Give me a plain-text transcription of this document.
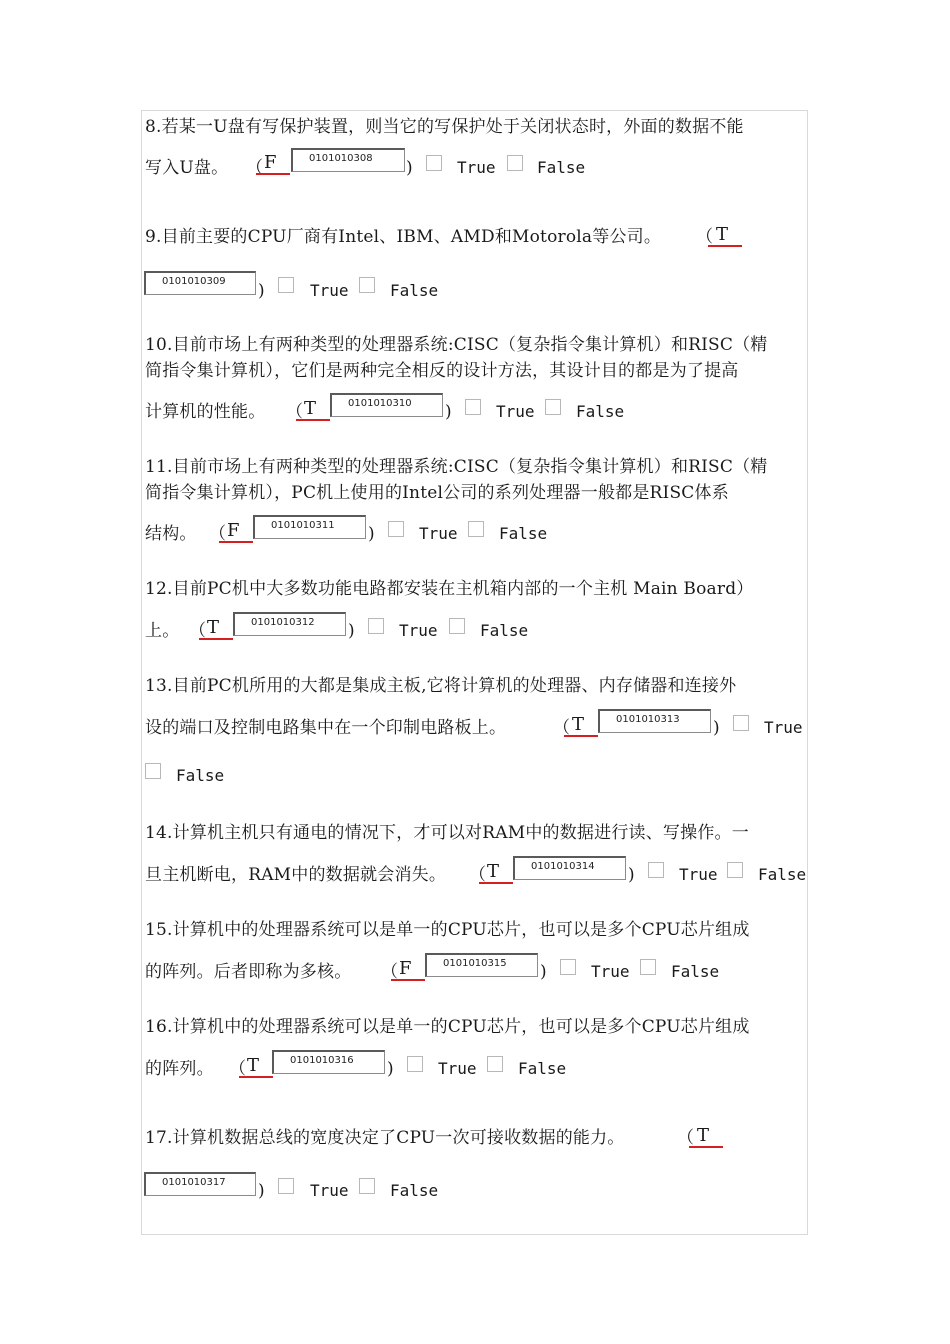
8.若某一U盘有写保护装置，则当它的写保护处于关闭状态时，外面的数据不能
写入U盘。 （ F	0101010308	)	True	False
9.目前主要的CPU厂商有Intel、IBM、AMD和Motorola等公司。 （ T
0101010309	)	True	False
10.目前市场上有两种类型的处理器系统:CISC（复杂指令集计算机）和RISC（精
简指令集计算机），它们是两种完全相反的设计方法，其设计目的都是为了提高
计算机的性能。 （ T	0101010310	)	True	False
11.目前市场上有两种类型的处理器系统:CISC（复杂指令集计算机）和RISC（精
简指令集计算机），PC机上使用的Intel公司的系列处理器一般都是RISC体系
结构。 （ F	0101010311	)	True	False
12.目前PC机中大多数功能电路都安装在主机箱内部的一个主机 Main Board）
上。 （ T	0101010312	)	True	False
13.目前PC机所用的大都是集成主板,它将计算机的处理器、内存储器和连接外
设的端口及控制电路集中在一个印制电路板上。	（ T	0101010313	)	True
False
14.计算机主机只有通电的情况下，才可以对RAM中的数据进行读、写操作。一
旦主机断电，RAM中的数据就会消失。 （ T	0101010314	)	True	False
15.计算机中的处理器系统可以是单一的CPU芯片，也可以是多个CPU芯片组成
的阵列。后者即称为多核。 （ F	0101010315	)	True	False
16.计算机中的处理器系统可以是单一的CPU芯片，也可以是多个CPU芯片组成
的阵列。 （ T	0101010316	)	True	False
17.计算机数据总线的宽度决定了CPU一次可接收数据的能力。	（ T
0101010317	)	True	False
